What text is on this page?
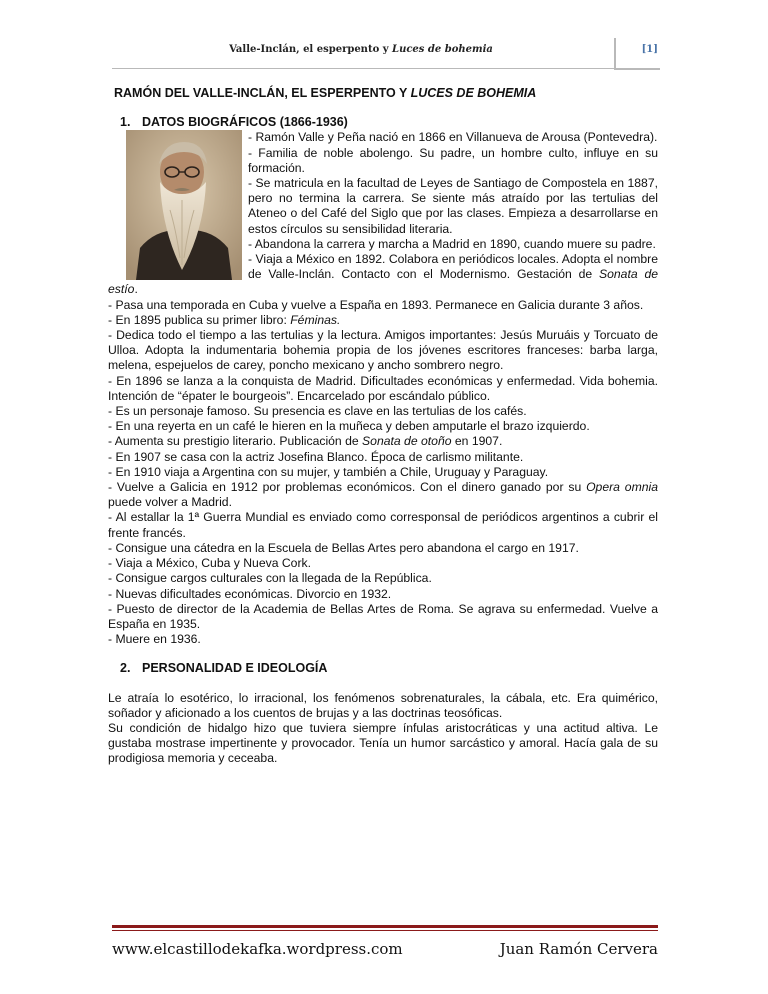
Valle-Inclán, el esperpento y Luces de bohemia	[1]
RAMÓN DEL VALLE-INCLÁN, EL ESPERPENTO Y LUCES DE BOHEMIA
1. DATOS BIOGRÁFICOS (1866-1936)

- Ramón Valle y Peña nació en 1866 en Villanueva de Arousa (Pontevedra).

- Familia de noble abolengo. Su padre, un hombre culto, influye en su formación.

- Se matricula en la facultad de Leyes de Santiago de Compostela en 1887, pero no termina la carrera. Se siente más atraído por las tertulias del Ateneo o del Café del Siglo que por las clases. Empieza a desarrollarse en estos círculos su sensibilidad literaria.

- Abandona la carrera y marcha a Madrid en 1890, cuando muere su padre.

- Viaja a México en 1892. Colabora en periódicos locales. Adopta el nombre de Valle-Inclán. Contacto con el Modernismo. Gestación de Sonata de estío.

- Pasa una temporada en Cuba y vuelve a España en 1893. Permanece en Galicia durante 3 años.

- En 1895 publica su primer libro: Féminas.

- Dedica todo el tiempo a las tertulias y la lectura. Amigos importantes: Jesús Muruáis y Torcuato de Ulloa. Adopta la indumentaria bohemia propia de los jóvenes escritores franceses: barba larga, melena, espejuelos de carey, poncho mexicano y ancho sombrero negro.

- En 1896 se lanza a la conquista de Madrid. Dificultades económicas y enfermedad. Vida bohemia. Intención de “épater le bourgeois”. Encarcelado por escándalo público.

- Es un personaje famoso. Su presencia es clave en las tertulias de los cafés.

- En una reyerta en un café le hieren en la muñeca y deben amputarle el brazo izquierdo.

- Aumenta su prestigio literario. Publicación de Sonata de otoño en 1907.

- En 1907 se casa con la actriz Josefina Blanco. Época de carlismo militante.

- En 1910 viaja a Argentina con su mujer, y también a Chile, Uruguay y Paraguay.

- Vuelve a Galicia en 1912 por problemas económicos. Con el dinero ganado por su Opera omnia puede volver a Madrid.

- Al estallar la 1ª Guerra Mundial es enviado como corresponsal de periódicos argentinos a cubrir el frente francés.

- Consigue una cátedra en la Escuela de Bellas Artes pero abandona el cargo en 1917.

- Viaja a México, Cuba y Nueva Cork.

- Consigue cargos culturales con la llegada de la República.

- Nuevas dificultades económicas. Divorcio en 1932.

- Puesto de director de la Academia de Bellas Artes de Roma. Se agrava su enfermedad. Vuelve a España en 1935.

- Muere en 1936.

2. PERSONALIDAD E IDEOLOGÍA

Le atraía lo esotérico, lo irracional, los fenómenos sobrenaturales, la cábala, etc. Era quimérico, soñador y aficionado a los cuentos de brujas y a las doctrinas teosóficas.

Su condición de hidalgo hizo que tuviera siempre ínfulas aristocráticas y una actitud altiva. Le gustaba mostrase impertinente y provocador. Tenía un humor sarcástico y amoral. Hacía gala de su prodigiosa memoria y ceceaba.

www.elcastillodekafka.wordpress.com	Juan Ramón Cervera
